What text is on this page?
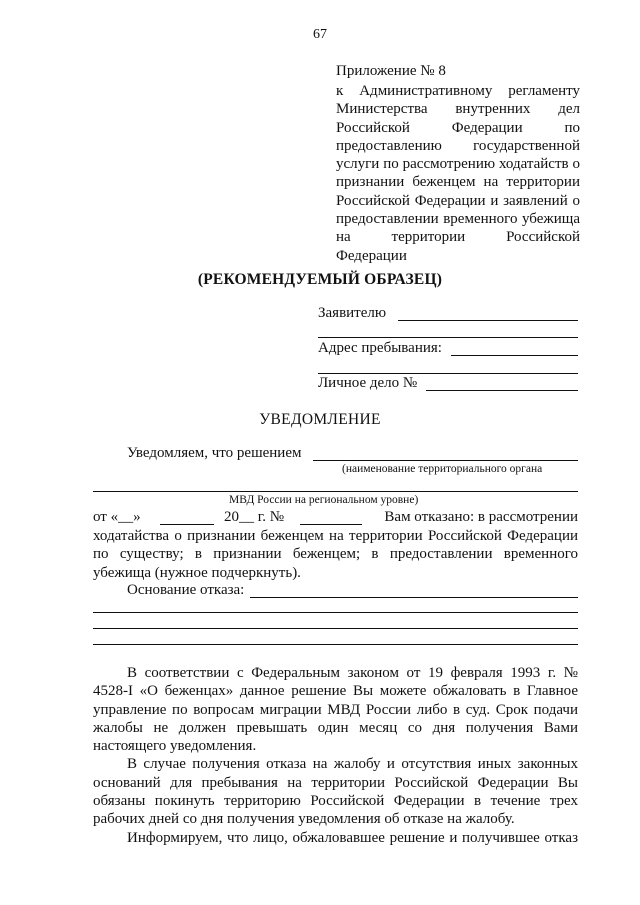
67
Приложение № 8
к Административному регламенту Министерства внутренних дел Российской Федерации по предоставлению государственной услуги по рассмотрению ходатайств о признании беженцем на территории Российской Федерации и заявлений о предоставлении временного убежища на территории Российской Федерации
(РЕКОМЕНДУЕМЫЙ ОБРАЗЕЦ)
Заявителю
Адрес пребывания:
Личное дело №
УВЕДОМЛЕНИЕ
Уведомляем, что решением
(наименование территориального органа
МВД России на региональном уровне)
от «__»	20__ г. №	Вам отказано: в рассмотрении
ходатайства о признании беженцем на территории Российской Федерации по существу; в признании беженцем; в предоставлении временного убежища (нужное подчеркнуть).
Основание отказа:

В соответствии с Федеральным законом от 19 февраля 1993 г. № 4528-I «О беженцах» данное решение Вы можете обжаловать в Главное управление по вопросам миграции МВД России либо в суд. Срок подачи жалобы не должен превышать один месяц со дня получения Вами настоящего уведомления.

В случае получения отказа на жалобу и отсутствия иных законных оснований для пребывания на территории Российской Федерации Вы обязаны покинуть территорию Российской Федерации в течение трех рабочих дней со дня получения уведомления об отказе на жалобу.

Информируем, что лицо, обжаловавшее решение и получившее отказ
